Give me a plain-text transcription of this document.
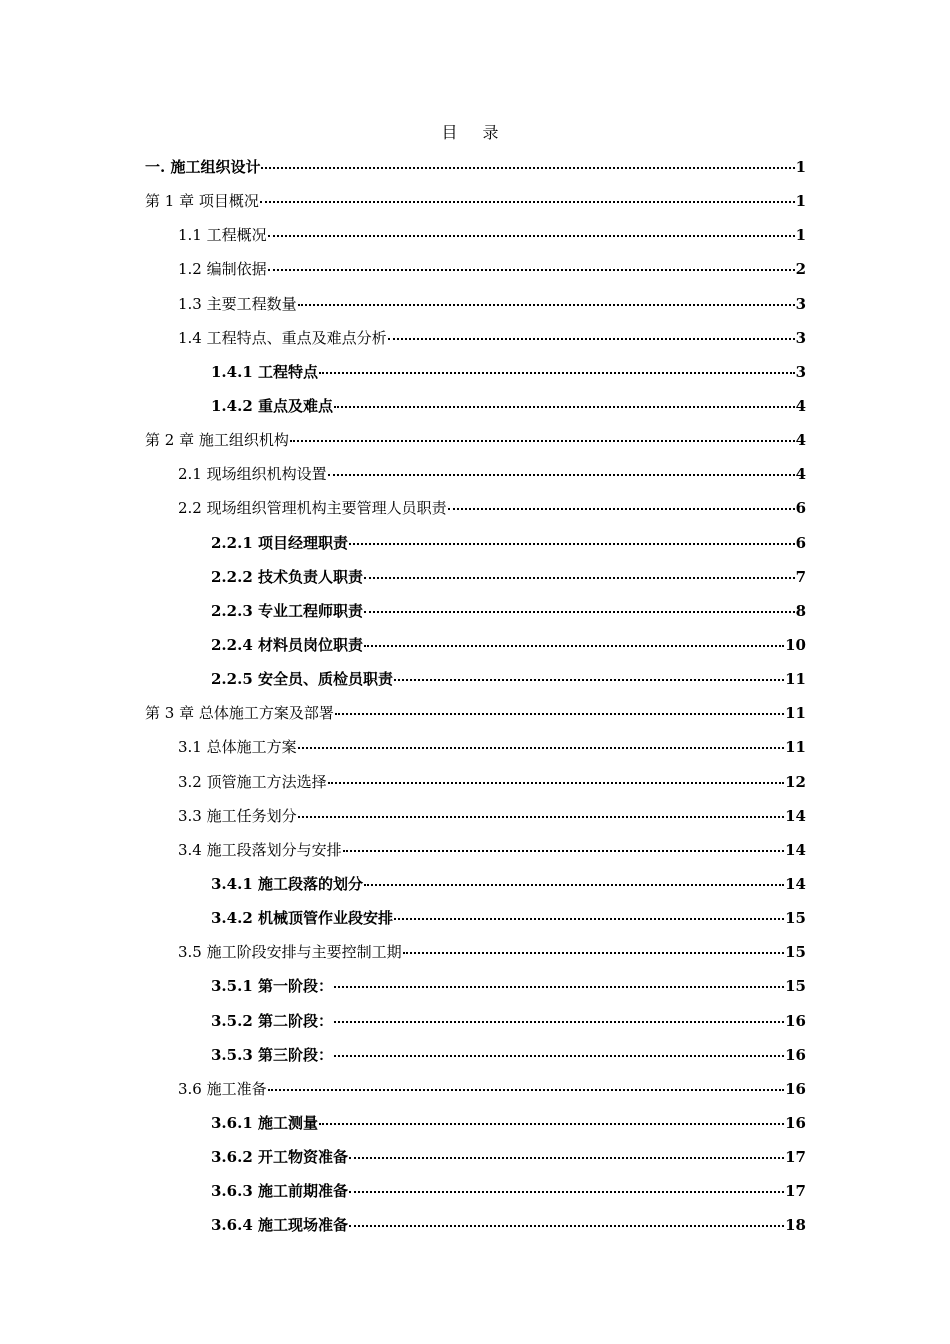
目 录
一. 施工组织设计	1
第 1 章 项目概况	1
1.1 工程概况	1
1.2 编制依据	2
1.3 主要工程数量	3
1.4 工程特点、重点及难点分析	3
1.4.1 工程特点	3
1.4.2 重点及难点	4
第 2 章 施工组织机构	4
2.1 现场组织机构设置	4
2.2 现场组织管理机构主要管理人员职责	6
2.2.1 项目经理职责	6
2.2.2 技术负责人职责	7
2.2.3 专业工程师职责	8
2.2.4 材料员岗位职责	10
2.2.5 安全员、质检员职责	11
第 3 章 总体施工方案及部署	11
3.1 总体施工方案	11
3.2 顶管施工方法选择	12
3.3 施工任务划分	14
3.4 施工段落划分与安排	14
3.4.1 施工段落的划分	14
3.4.2 机械顶管作业段安排	15
3.5 施工阶段安排与主要控制工期	15
3.5.1 第一阶段：	15
3.5.2 第二阶段：	16
3.5.3 第三阶段：	16
3.6 施工准备	16
3.6.1 施工测量	16
3.6.2 开工物资准备	17
3.6.3 施工前期准备	17
3.6.4 施工现场准备	18
